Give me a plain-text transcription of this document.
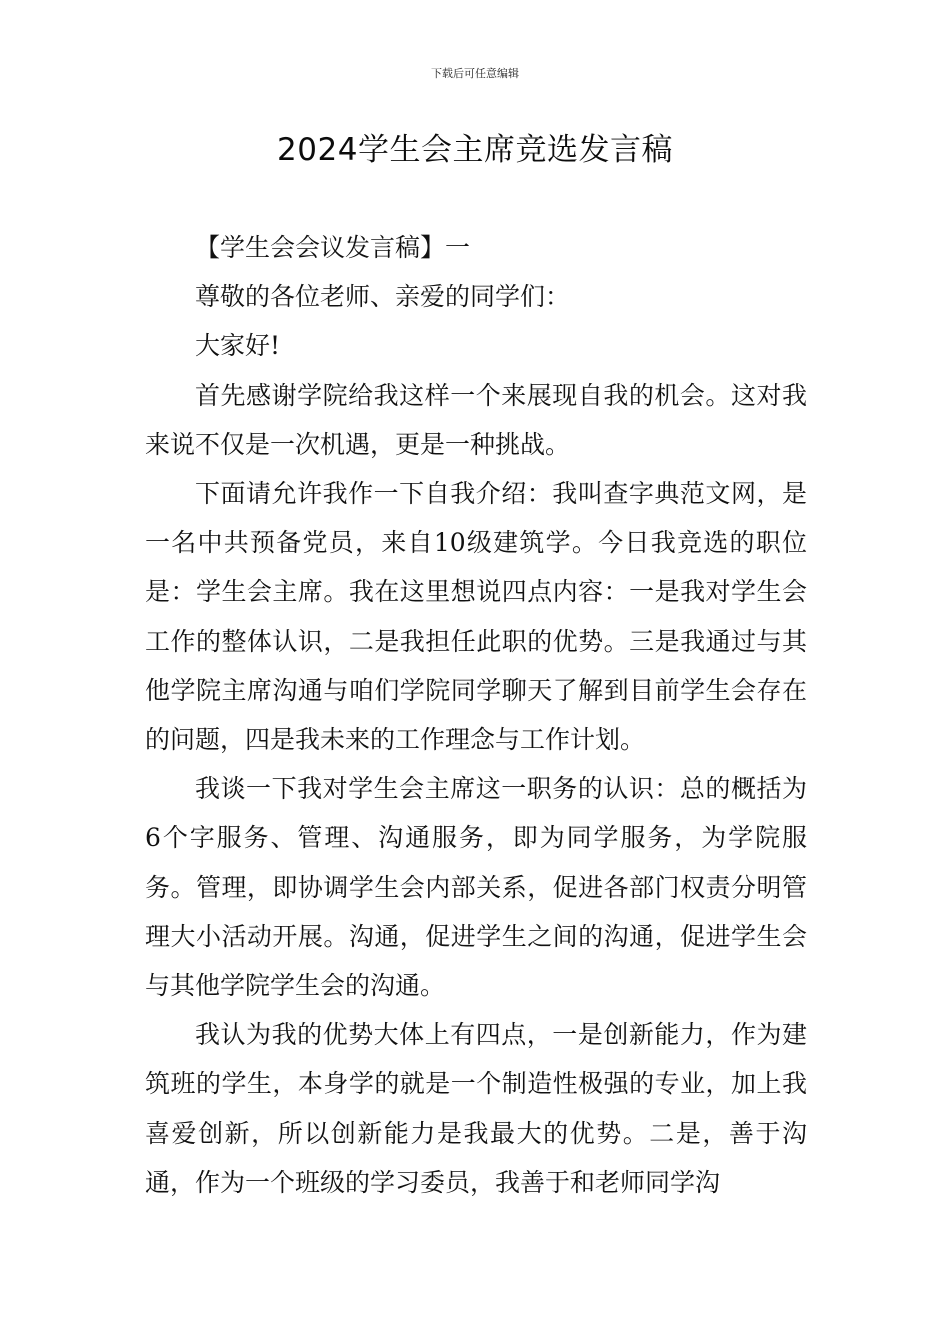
下载后可任意编辑
2024学生会主席竞选发言稿

【学生会会议发言稿】一

尊敬的各位老师、亲爱的同学们：

大家好!

首先感谢学院给我这样一个来展现自我的机会。这对我来说不仅是一次机遇，更是一种挑战。

下面请允许我作一下自我介绍：我叫查字典范文网，是一名中共预备党员，来自10级建筑学。今日我竞选的职位是：学生会主席。我在这里想说四点内容：一是我对学生会工作的整体认识，二是我担任此职的优势。三是我通过与其他学院主席沟通与咱们学院同学聊天了解到目前学生会存在的问题，四是我未来的工作理念与工作计划。

我谈一下我对学生会主席这一职务的认识：总的概括为6个字服务、管理、沟通服务，即为同学服务，为学院服务。管理，即协调学生会内部关系，促进各部门权责分明管理大小活动开展。沟通，促进学生之间的沟通，促进学生会与其他学院学生会的沟通。

我认为我的优势大体上有四点，一是创新能力，作为建筑班的学生，本身学的就是一个制造性极强的专业，加上我喜爱创新，所以创新能力是我最大的优势。二是，善于沟通，作为一个班级的学习委员，我善于和老师同学沟
